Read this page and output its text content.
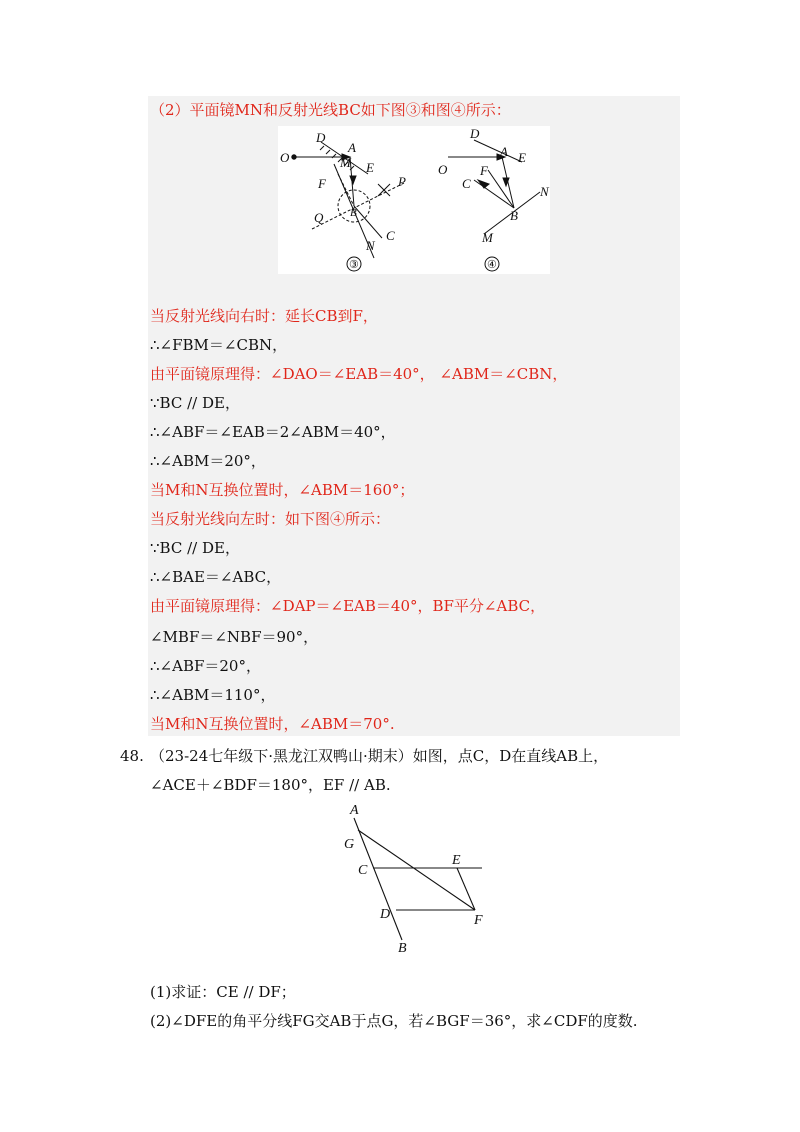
（2）平面镜MN和反射光线BC如下图③和图④所示：
O
D
A
M E
F	P
Q B
C
N
③
D
A E
O	F
C
N
B
M
④
当反射光线向右时：延长CB到F，
∴∠FBM＝∠CBN，
由平面镜原理得：∠DAO＝∠EAB＝40°， ∠ABM＝∠CBN，
∵BC // DE，
∴∠ABF＝∠EAB＝2∠ABM＝40°，
∴∠ABM＝20°，
当M和N互换位置时，∠ABM＝160°；
当反射光线向左时：如下图④所示：
∵BC // DE，
∴∠BAE＝∠ABC，
由平面镜原理得：∠DAP＝∠EAB＝40°，BF平分∠ABC，
∠MBF＝∠NBF＝90°，
∴∠ABF＝20°，
∴∠ABM＝110°，
当M和N互换位置时，∠ABM＝70°.
48. （23-24七年级下·黑龙江双鸭山·期末）如图，点C，D在直线AB上，
∠ACE＋∠BDF＝180°，EF // AB.
A
G
C
E
D	F
B
(1)求证：CE // DF；
(2)∠DFE的角平分线FG交AB于点G，若∠BGF＝36°，求∠CDF的度数.
